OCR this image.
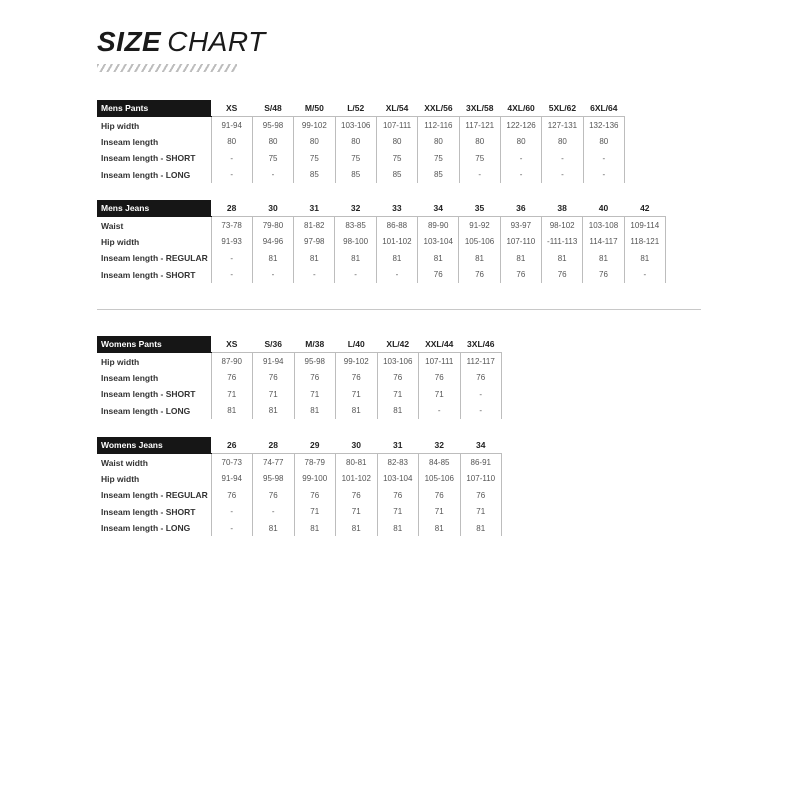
SIZE CHART
Mens Pants	XS	S/48	M/50	L/52	XL/54	XXL/56	3XL/58	4XL/60	5XL/62	6XL/64
Hip width	91-94	95-98	99-102	103-106	107-111	112-116	117-121	122-126	127-131	132-136
Inseam length	80	80	80	80	80	80	80	80	80	80
Inseam length - SHORT	-	75	75	75	75	75	75	-	-	-
Inseam length - LONG	-	-	85	85	85	85	-	-	-	-
Mens Jeans	28	30	31	32	33	34	35	36	38	40	42
Waist	73-78	79-80	81-82	83-85	86-88	89-90	91-92	93-97	98-102	103-108	109-114
Hip width	91-93	94-96	97-98	98-100	101-102	103-104	105-106	107-110	-111-113	114-117	118-121
Inseam length - REGULAR	-	81	81	81	81	81	81	81	81	81	81
Inseam length - SHORT	-	-	-	-	-	76	76	76	76	76	-
Womens Pants	XS	S/36	M/38	L/40	XL/42	XXL/44	3XL/46
Hip width	87-90	91-94	95-98	99-102	103-106	107-111	112-117
Inseam length	76	76	76	76	76	76	76
Inseam length - SHORT	71	71	71	71	71	71	-
Inseam length - LONG	81	81	81	81	81	-	-
Womens Jeans	26	28	29	30	31	32	34
Waist width	70-73	74-77	78-79	80-81	82-83	84-85	86-91
Hip width	91-94	95-98	99-100	101-102	103-104	105-106	107-110
Inseam length - REGULAR	76	76	76	76	76	76	76
Inseam length - SHORT	-	-	71	71	71	71	71
Inseam length - LONG	-	81	81	81	81	81	81
